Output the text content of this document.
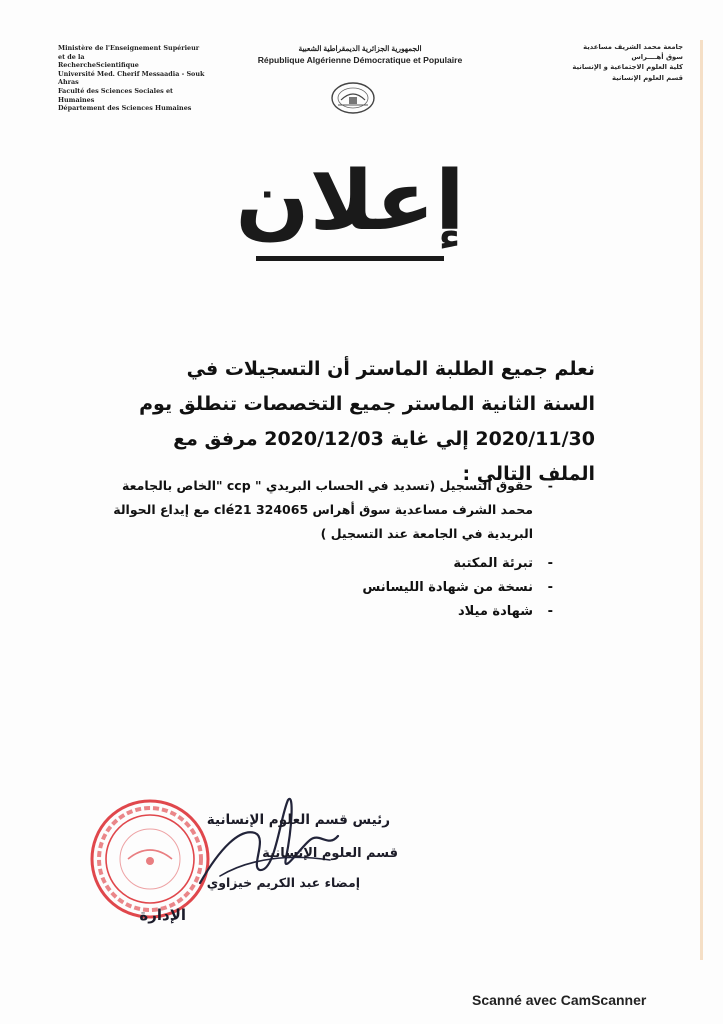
Ministère de l'Enseignement Supérieur et de la
RechercheScientifique
Université Med. Cherif Messaadia - Souk Ahras
Faculté des Sciences Sociales et Humaines
Département des Sciences Humaines
الجمهورية الجزائرية الديمقراطية الشعبية
République Algérienne Démocratique et Populaire
جامعة محمد الشريف مساعدية
سوق أهــــراس
كلية العلوم الاجتماعية و الإنسانية
قسم العلوم الإنسانية
إعلان
نعلم جميع الطلبة الماستر أن التسجيلات في السنة الثانية الماستر جميع التخصصات تنطلق يوم 2020/11/30 إلي غاية 2020/12/03 مرفق مع الملف التالي :
- حقوق التسجيل (تسديد في الحساب البريدي " ccp "الخاص بالجامعة محمد الشرف مساعدية سوق أهراس 324065 clé21 مع إيداع الحوالة البريدية في الجامعة عند التسجيل )
- تبرئة المكتبة
- نسخة من شهادة الليسانس
- شهادة ميلاد
رئيس قسم العلوم الإنسانية
قسم العلوم الإنسانية
إمضاء عبد الكريم خيزاوي
الإدارة
Scanné avec CamScanner
